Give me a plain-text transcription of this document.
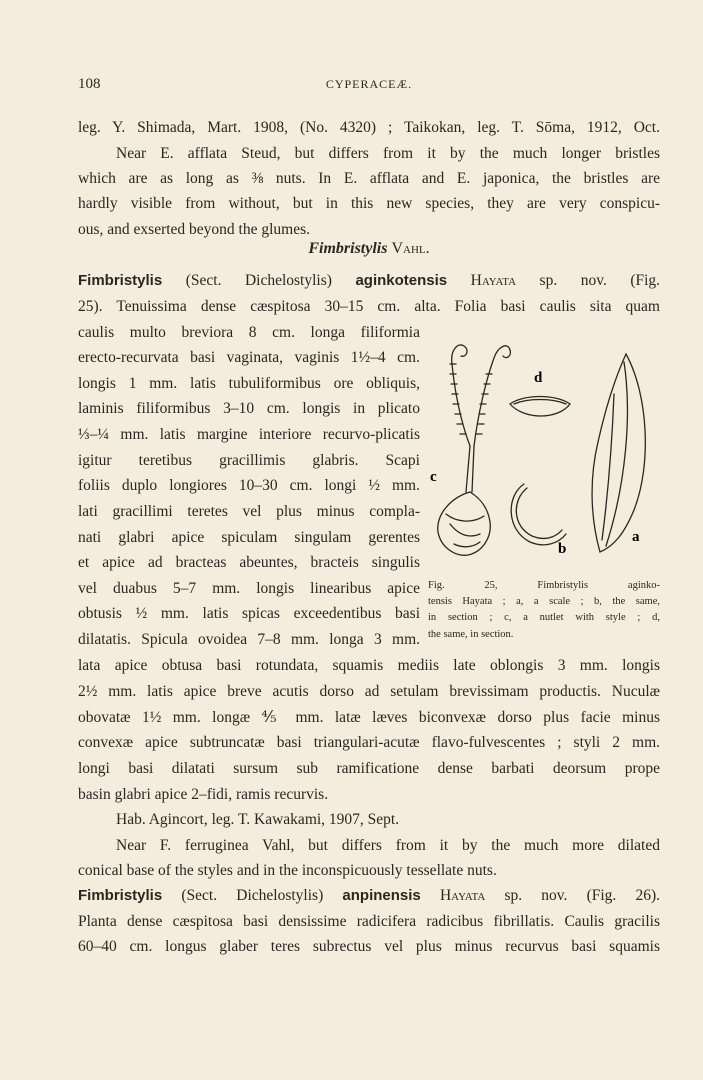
108	CYPERACEÆ.
leg. Y. Shimada, Mart. 1908, (No. 4320) ; Taikokan, leg. T. Sōma, 1912, Oct.
Near E. afflata Steud, but differs from it by the much longer bristles
which are as long as ⅜ nuts. In E. afflata and E. japonica, the bristles are
hardly visible from without, but in this new species, they are very conspicu-
ous, and exserted beyond the glumes.
Fimbristylis Vahl.
Fimbristylis (Sect. Dichelostylis) aginkotensis Hayata sp. nov. (Fig.
25). Tenuissima dense cæspitosa 30–15 cm. alta. Folia basi caulis sita quam
caulis multo breviora 8 cm. longa filiformia
erecto-recurvata basi vaginata, vaginis 1½–4 cm.
longis 1 mm. latis tubuliformibus ore obliquis,
laminis filiformibus 3–10 cm. longis in plicato
⅓–¼ mm. latis margine interiore recurvo-plicatis
igitur teretibus gracillimis glabris. Scapi
foliis duplo longiores 10–30 cm. longi ½ mm.
lati gracillimi teretes vel plus minus compla-
nati glabri apice spiculam singulam gerentes
et apice ad bracteas abeuntes, bracteis singulis
vel duabus 5–7 mm. longis linearibus apice
obtusis ½ mm. latis spicas exceedentibus basi
dilatatis. Spicula ovoidea 7–8 mm. longa 3 mm.
lata apice obtusa basi rotundata, squamis mediis late oblongis 3 mm. longis
2½ mm. latis apice breve acutis dorso ad setulam brevissimam productis. Nuculæ
obovatæ 1½ mm. longæ ⅘ mm. latæ læves biconvexæ dorso plus facie minus
convexæ apice subtruncatæ basi triangulari-acutæ flavo-fulvescentes ; styli 2 mm.
longi basi dilatati sursum sub ramificatione dense barbati deorsum prope
basin glabri apice 2–fidi, ramis recurvis.
Hab. Agincort, leg. T. Kawakami, 1907, Sept.
Near F. ferruginea Vahl, but differs from it by the much more dilated
conical base of the styles and in the inconspicuously tessellate nuts.
Fimbristylis (Sect. Dichelostylis) anpinensis Hayata sp. nov. (Fig. 26).
Planta dense cæspitosa basi densissime radicifera radicibus fibrillatis. Caulis gracilis
60–40 cm. longus glaber teres subrectus vel plus minus recurvus basi squamis
d
c
b
a
Fig. 25, Fimbristylis aginko-
tensis Hayata ; a, a scale ; b, the same,
in section ; c, a nutlet with style ; d,
the same, in section.
